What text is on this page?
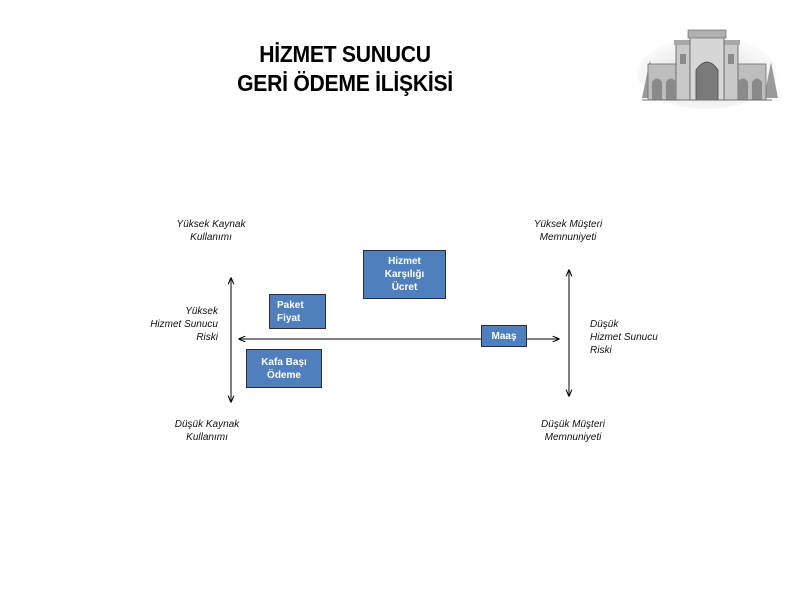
HİZMET SUNUCU
GERİ ÖDEME İLİŞKİSİ
Yüksek Kaynak
Kullanımı
Yüksek
Hizmet Sunucu
Riski
Düşük Kaynak
Kullanımı
Yüksek Müşteri
Memnuniyeti
Düşük
Hizmet Sunucu
Riski
Düşük Müşteri
Memnuniyeti
Hizmet
Karşılığı
Ücret
Paket
Fiyat
Kafa Başı
Ödeme
Maaş
